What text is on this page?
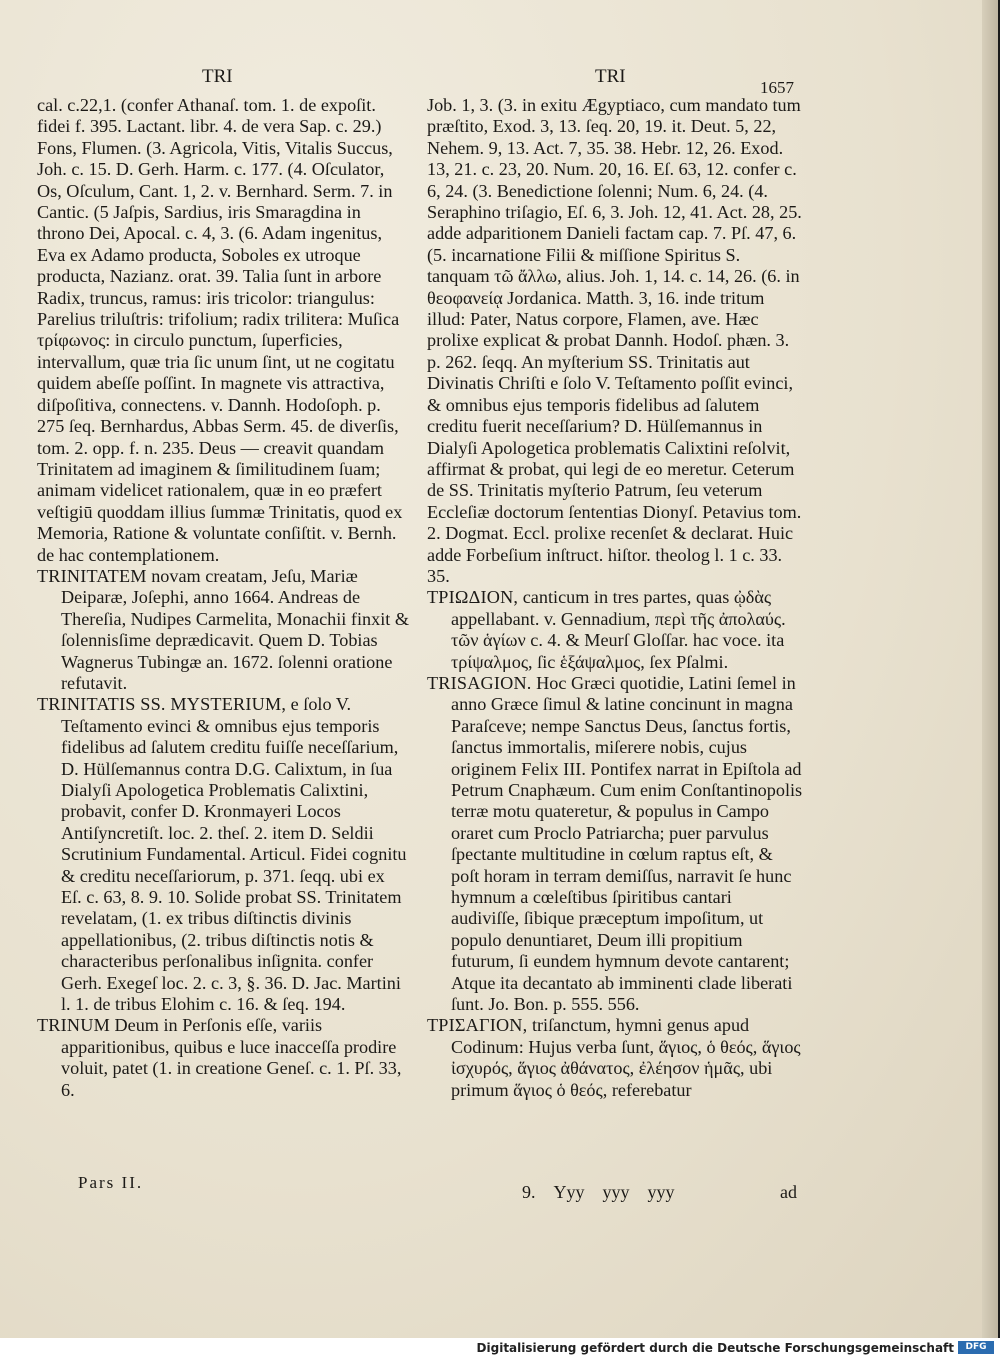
TRI	TRI
1657

cal. c.22,1. (confer Athanaſ. tom. 1. de expoſit. fidei f. 395. Lactant. libr. 4. de vera Sap. c. 29.) Fons, Flumen. (3. Agricola, Vitis, Vitalis Succus, Joh. c. 15. D. Gerh. Harm. c. 177. (4. Oſculator, Os, Oſculum, Cant. 1, 2. v. Bernhard. Serm. 7. in Cantic. (5 Jaſpis, Sardius, iris Smaragdina in throno Dei, Apocal. c. 4, 3. (6. Adam ingenitus, Eva ex Adamo producta, Soboles ex utroque producta, Nazianz. orat. 39. Talia ſunt in arbore Radix, truncus, ramus: iris tricolor: triangulus: Parelius triluſtris: trifolium; radix trilitera: Muſica τρίφωνος: in circulo punctum, ſuperficies, intervallum, quæ tria ſic unum ſint, ut ne cogitatu quidem abeſſe poſſint. In magnete vis attractiva, diſpoſitiva, connectens. v. Dannh. Hodoſoph. p. 275 ſeq. Bernhardus, Abbas Serm. 45. de diverſis, tom. 2. opp. f. n. 235. Deus — creavit quandam Trinitatem ad imaginem & ſimilitudinem ſuam; animam videlicet rationalem, quæ in eo præfert veſtigiū quoddam illius ſummæ Trinitatis, quod ex Memoria, Ratione & voluntate conſiſtit. v. Bernh. de hac contemplationem.

TRINITATEM novam creatam, Jeſu, Mariæ Deiparæ, Joſephi, anno 1664. Andreas de Thereſia, Nudipes Carmelita, Monachii finxit & ſolennisſime deprædicavit. Quem D. Tobias Wagnerus Tubingæ an. 1672. ſolenni oratione refutavit.

TRINITATIS SS. MYSTERIUM, e ſolo V. Teſtamento evinci & omnibus ejus temporis fidelibus ad ſalutem creditu fuiſſe neceſſarium, D. Hülſemannus contra D.G. Calixtum, in ſua Dialyſi Apologetica Problematis Calixtini, probavit, confer D. Kronmayeri Locos Antiſyncretiſt. loc. 2. theſ. 2. item D. Seldii Scrutinium Fundamental. Articul. Fidei cognitu & creditu neceſſariorum, p. 371. ſeqq. ubi ex Eſ. c. 63, 8. 9. 10. Solide probat SS. Trinitatem revelatam, (1. ex tribus diſtinctis divinis appellationibus, (2. tribus diſtinctis notis & characteribus perſonalibus inſignita. confer Gerh. Exegeſ loc. 2. c. 3, §. 36. D. Jac. Martini l. 1. de tribus Elohim c. 16. & ſeq. 194.

TRINUM Deum in Perſonis eſſe, variis apparitionibus, quibus e luce inacceſſa prodire voluit, patet (1. in creatione Geneſ. c. 1. Pſ. 33, 6.

Job. 1, 3. (3. in exitu Ægyptiaco, cum mandato tum præſtito, Exod. 3, 13. ſeq. 20, 19. it. Deut. 5, 22, Nehem. 9, 13. Act. 7, 35. 38. Hebr. 12, 26. Exod. 13, 21. c. 23, 20. Num. 20, 16. Eſ. 63, 12. confer c. 6, 24. (3. Benedictione ſolenni; Num. 6, 24. (4. Seraphino triſagio, Eſ. 6, 3. Joh. 12, 41. Act. 28, 25. adde adparitionem Danieli factam cap. 7. Pſ. 47, 6. (5. incarnatione Filii & miſſione Spiritus S. tanquam τῶ ἄλλω, alius. Joh. 1, 14. c. 14, 26. (6. in θεοφανείᾳ Jordanica. Matth. 3, 16. inde tritum illud: Pater, Natus corpore, Flamen, ave. Hæc prolixe explicat & probat Dannh. Hodoſ. phæn. 3. p. 262. ſeqq. An myſterium SS. Trinitatis aut Divinatis Chriſti e ſolo V. Teſtamento poſſit evinci, & omnibus ejus temporis fidelibus ad ſalutem creditu fuerit neceſſarium? D. Hülſemannus in Dialyſi Apologetica problematis Calixtini reſolvit, affirmat & probat, qui legi de eo meretur. Ceterum de SS. Trinitatis myſterio Patrum, ſeu veterum Eccleſiæ doctorum ſententias Dionyſ. Petavius tom. 2. Dogmat. Eccl. prolixe recenſet & declarat. Huic adde Forbeſium inſtruct. hiſtor. theolog l. 1 c. 33. 35.

ΤΡΙΩΔΙΟΝ, canticum in tres partes, quas ᾠδὰς appellabant. v. Gennadium, περὶ τῆς ἀπολαύς. τῶν ἁγίων c. 4. & Meurſ Gloſſar. hac voce. ita τρίψαλμος, ſic ἑξάψαλμος, ſex Pſalmi.

TRISAGION. Hoc Græci quotidie, Latini ſemel in anno Græce ſimul & latine concinunt in magna Paraſceve; nempe Sanctus Deus, ſanctus fortis, ſanctus immortalis, miſerere nobis, cujus originem Felix III. Pontifex narrat in Epiſtola ad Petrum Cnaphæum. Cum enim Conſtantinopolis terræ motu quateretur, & populus in Campo oraret cum Proclo Patriarcha; puer parvulus ſpectante multitudine in cœlum raptus eſt, & poſt horam in terram demiſſus, narravit ſe hunc hymnum a cœleſtibus ſpiritibus cantari audiviſſe, ſibique præceptum impoſitum, ut populo denuntiaret, Deum illi propitium futurum, ſi eundem hymnum devote cantarent; Atque ita decantato ab imminenti clade liberati ſunt. Jo. Bon. p. 555. 556.

ΤΡΙΣΑΓΙΟΝ, triſanctum, hymni genus apud Codinum: Hujus verba ſunt, ἅγιος, ὁ θεός, ἅγιος ἰσχυρός, ἅγιος ἀθάνατος, ἐλέησον ἡμᾶς, ubi primum ἅγιος ὁ θεός, referebatur

Pars II.	9. Yyy yyy yyy	ad
Digitalisierung gefördert durch die Deutsche Forschungsgemeinschaft	DFG
